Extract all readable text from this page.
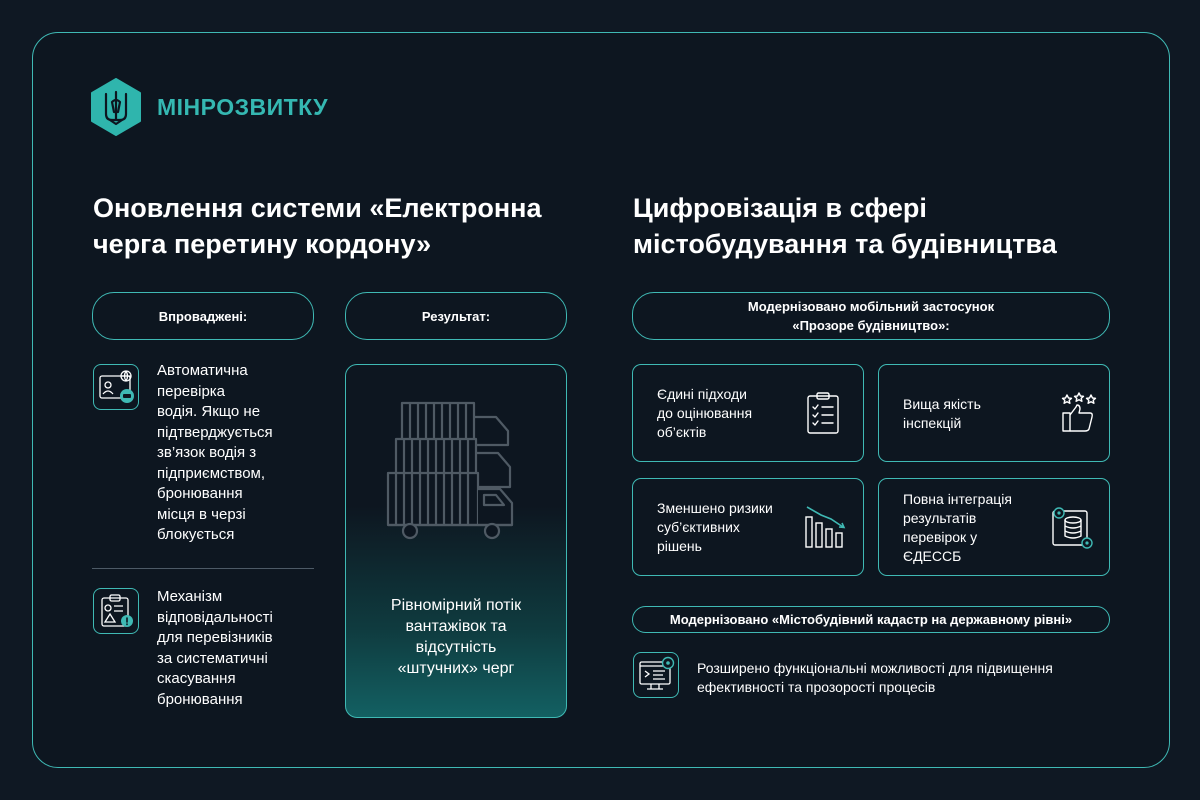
МІНРОЗВИТКУ
Оновлення системи «Електронна
черга перетину кордону»
Цифровізація в сфері
містобудування та будівництва
Впроваджені:	Результат:
Автоматична
перевірка
водія. Якщо не
підтверджується
зв’язок водія з
підприємством,
бронювання
місця в черзі
блокується
Механізм
відповідальності
для перевізників
за систематичні
скасування
бронювання
Рівномірний потік
вантажівок та
відсутність
«штучних» черг
Модернізовано мобільний застосунок
«Прозоре будівництво»:
Єдині підходи
до оцінювання
об’єктів
Вища якість
інспекцій
Зменшено ризики
суб’єктивних
рішень
Повна інтеграція
результатів
перевірок у
ЄДЕССБ
Модернізовано «Містобудівний кадастр на державному рівні»
Розширено функціональні можливості для підвищення
ефективності та прозорості процесів
